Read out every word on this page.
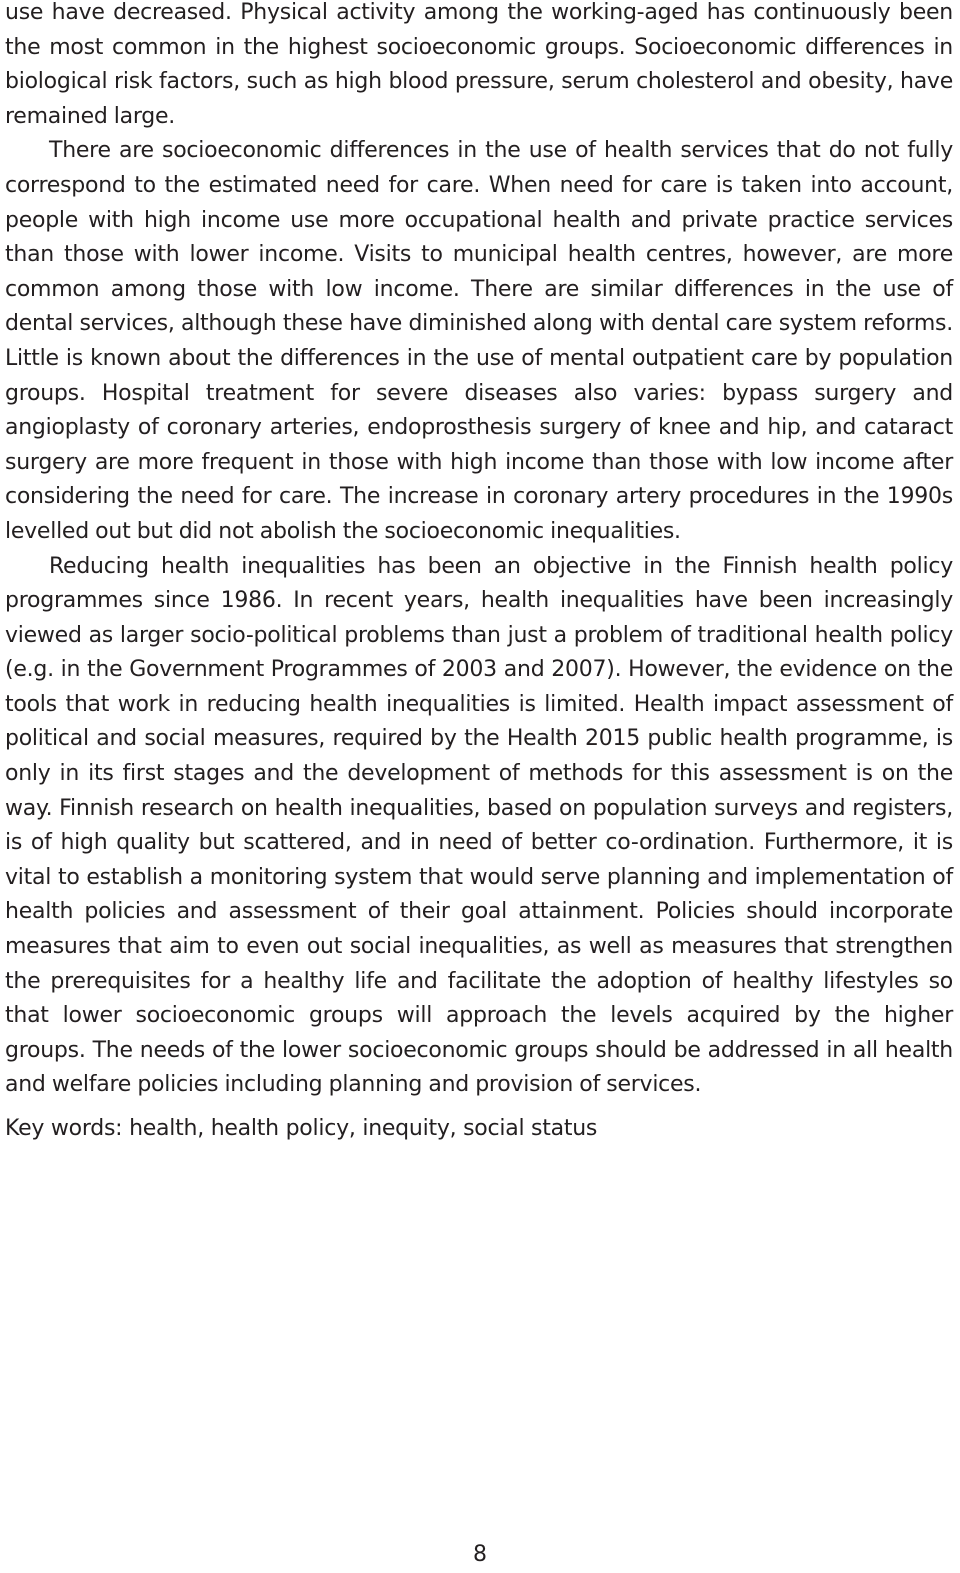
use have decreased. Physical activity among the working-aged has continuously been the most common in the highest socioeconomic groups. Socioeconomic differences in biological risk factors, such as high blood pressure, serum cholesterol and obesity, have remained large.

There are socioeconomic differences in the use of health services that do not fully correspond to the estimated need for care. When need for care is taken into account, people with high income use more occupational health and private practice services than those with lower income. Visits to municipal health centres, however, are more common among those with low income. There are similar differences in the use of dental services, although these have diminished along with dental care system reforms. Little is known about the differences in the use of mental outpatient care by population groups. Hospital treatment for severe diseases also varies: bypass surgery and angioplasty of coronary arteries, endoprosthesis surgery of knee and hip, and cataract surgery are more frequent in those with high income than those with low income after considering the need for care. The increase in coronary artery procedures in the 1990s levelled out but did not abolish the socioeconomic inequalities.

Reducing health inequalities has been an objective in the Finnish health policy programmes since 1986. In recent years, health inequalities have been increasingly viewed as larger socio-political problems than just a problem of traditional health policy (e.g. in the Government Programmes of 2003 and 2007). However, the evidence on the tools that work in reducing health inequalities is limited. Health impact assessment of political and social measures, required by the Health 2015 public health programme, is only in its first stages and the development of methods for this assessment is on the way. Finnish research on health inequalities, based on population surveys and registers, is of high quality but scattered, and in need of better co-ordination. Furthermore, it is vital to establish a monitoring system that would serve planning and implementation of health policies and assessment of their goal attainment. Policies should incorporate measures that aim to even out social inequalities, as well as measures that strengthen the prerequisites for a healthy life and facilitate the adoption of healthy lifestyles so that lower socioeconomic groups will approach the levels acquired by the higher groups. The needs of the lower socioeconomic groups should be addressed in all health and welfare policies including planning and provision of services.

Key words: health, health policy, inequity, social status

8
